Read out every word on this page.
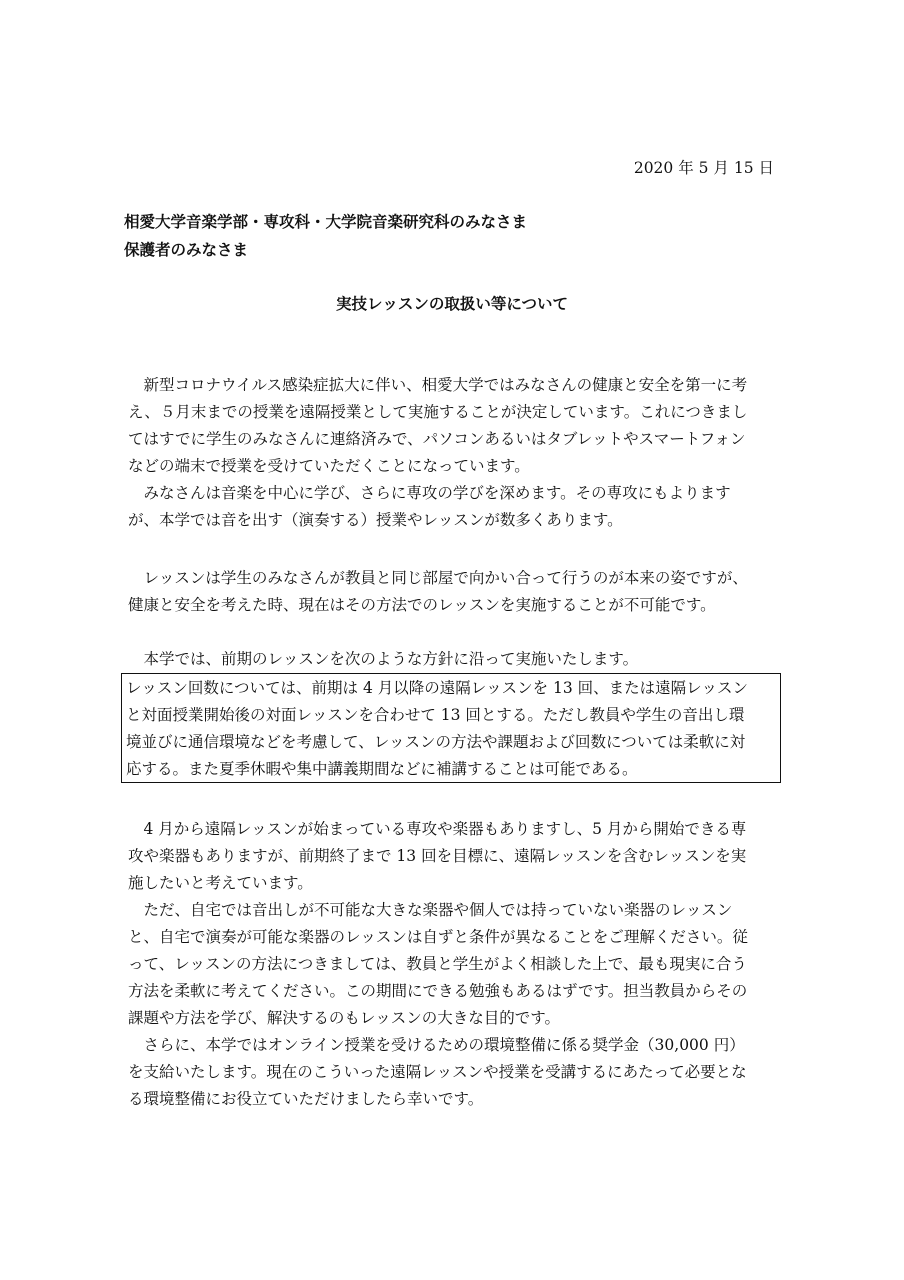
2020 年 5 月 15 日
相愛大学音楽学部・専攻科・大学院音楽研究科のみなさま
保護者のみなさま
実技レッスンの取扱い等について
　新型コロナウイルス感染症拡大に伴い、相愛大学ではみなさんの健康と安全を第一に考
え、５月末までの授業を遠隔授業として実施することが決定しています。これにつきまし
てはすでに学生のみなさんに連絡済みで、パソコンあるいはタブレットやスマートフォン
などの端末で授業を受けていただくことになっています。
　みなさんは音楽を中心に学び、さらに専攻の学びを深めます。その専攻にもよります
が、本学では音を出す（演奏する）授業やレッスンが数多くあります。
　レッスンは学生のみなさんが教員と同じ部屋で向かい合って行うのが本来の姿ですが、
健康と安全を考えた時、現在はその方法でのレッスンを実施することが不可能です。
　本学では、前期のレッスンを次のような方針に沿って実施いたします。
レッスン回数については、前期は 4 月以降の遠隔レッスンを 13 回、または遠隔レッスン
と対面授業開始後の対面レッスンを合わせて 13 回とする。ただし教員や学生の音出し環
境並びに通信環境などを考慮して、レッスンの方法や課題および回数については柔軟に対
応する。また夏季休暇や集中講義期間などに補講することは可能である。
　4 月から遠隔レッスンが始まっている専攻や楽器もありますし、5 月から開始できる専
攻や楽器もありますが、前期終了まで 13 回を目標に、遠隔レッスンを含むレッスンを実
施したいと考えています。
　ただ、自宅では音出しが不可能な大きな楽器や個人では持っていない楽器のレッスン
と、自宅で演奏が可能な楽器のレッスンは自ずと条件が異なることをご理解ください。従
って、レッスンの方法につきましては、教員と学生がよく相談した上で、最も現実に合う
方法を柔軟に考えてください。この期間にできる勉強もあるはずです。担当教員からその
課題や方法を学び、解決するのもレッスンの大きな目的です。
　さらに、本学ではオンライン授業を受けるための環境整備に係る奨学金（30,000 円）
を支給いたします。現在のこういった遠隔レッスンや授業を受講するにあたって必要とな
る環境整備にお役立ていただけましたら幸いです。
